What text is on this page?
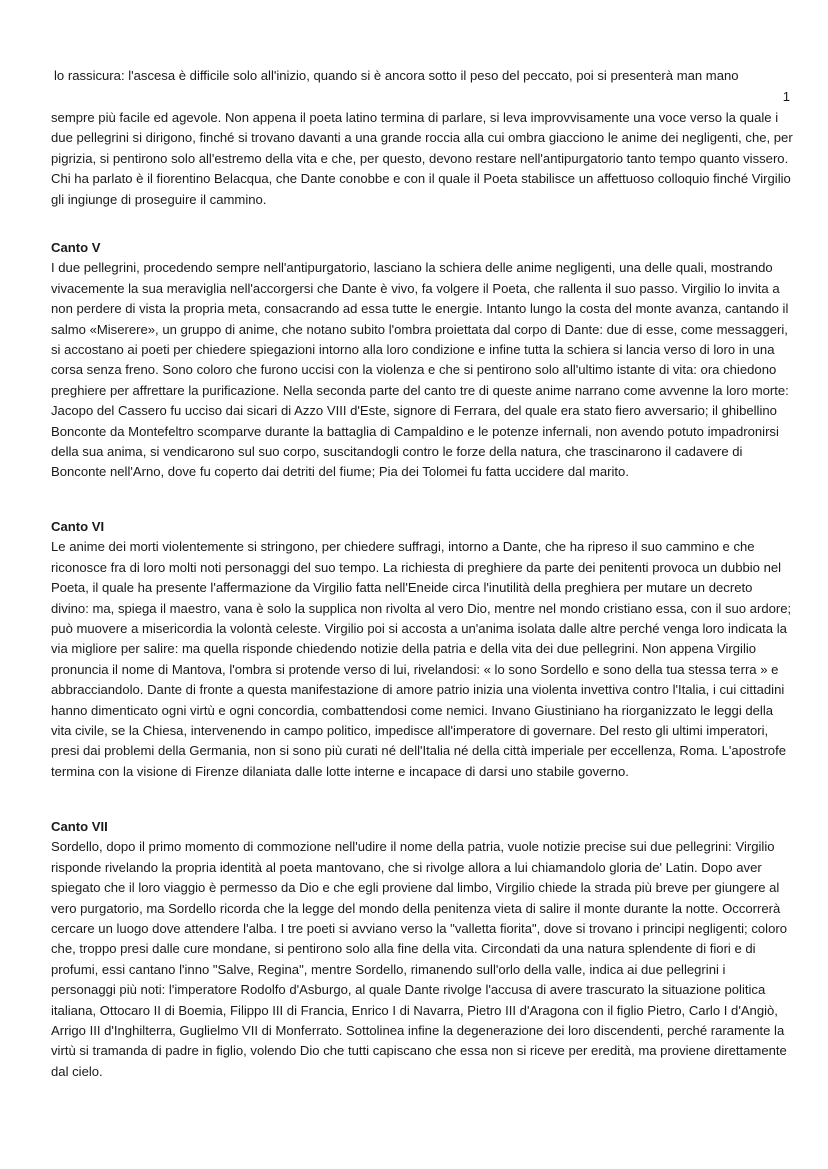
lo rassicura: l'ascesa è difficile solo all'inizio, quando si è ancora sotto il peso del peccato, poi si presenterà man mano

1

sempre più facile ed agevole. Non appena il poeta latino termina di parlare, si leva improvvisamente una voce verso la quale i due pellegrini si dirigono, finché si trovano davanti a una grande roccia alla cui ombra giacciono le anime dei negligenti, che, per pigrizia, si pentirono solo all'estremo della vita e che, per questo, devono restare nell'antipurgatorio tanto tempo quanto vissero. Chi ha parlato è il fiorentino Belacqua, che Dante conobbe e con il quale il Poeta stabilisce un affettuoso colloquio finché Virgilio gli ingiunge di proseguire il cammino.

Canto V

I due pellegrini, procedendo sempre nell'antipurgatorio, lasciano la schiera delle anime negligenti, una delle quali, mostrando vivacemente la sua meraviglia nell'accorgersi che Dante è vivo, fa volgere il Poeta, che rallenta il suo passo. Virgilio lo invita a non perdere di vista la propria meta, consacrando ad essa tutte le energie. Intanto lungo la costa del monte avanza, cantando il salmo «Miserere», un gruppo di anime, che notano subito l'ombra proiettata dal corpo di Dante: due di esse, come messaggeri, si accostano ai poeti per chiedere spiegazioni intorno alla loro condizione e infine tutta la schiera si lancia verso di loro in una corsa senza freno. Sono coloro che furono uccisi con la violenza e che si pentirono solo all'ultimo istante di vita: ora chiedono preghiere per affrettare la purificazione. Nella seconda parte del canto tre di queste anime narrano come avvenne la loro morte: Jacopo del Cassero fu ucciso dai sicari di Azzo VIII d'Este, signore di Ferrara, del quale era stato fiero avversario; il ghibellino Bonconte da Montefeltro scomparve durante la battaglia di Campaldino e le potenze infernali, non avendo potuto impadronirsi della sua anima, si vendicarono sul suo corpo, suscitandogli contro le forze della natura, che trascinarono il cadavere di Bonconte nell'Arno, dove fu coperto dai detriti del fiume; Pia dei Tolomei fu fatta uccidere dal marito.

Canto VI

Le anime dei morti violentemente si stringono, per chiedere suffragi, intorno a Dante, che ha ripreso il suo cammino e che riconosce fra di loro molti noti personaggi del suo tempo. La richiesta di preghiere da parte dei penitenti provoca un dubbio nel Poeta, il quale ha presente l'affermazione da Virgilio fatta nell'Eneide circa l'inutilità della preghiera per mutare un decreto divino: ma, spiega il maestro, vana è solo la supplica non rivolta al vero Dio, mentre nel mondo cristiano essa, con il suo ardore; può muovere a misericordia la volontà celeste. Virgilio poi si accosta a un'anima isolata dalle altre perché venga loro indicata la via migliore per salire: ma quella risponde chiedendo notizie della patria e della vita dei due pellegrini. Non appena Virgilio pronuncia il nome di Mantova, l'ombra si protende verso di lui, rivelandosi: « lo sono Sordello e sono della tua stessa terra » e abbracciandolo. Dante di fronte a questa manifestazione di amore patrio inizia una violenta invettiva contro l'Italia, i cui cittadini hanno dimenticato ogni virtù e ogni concordia, combattendosi come nemici. Invano Giustiniano ha riorganizzato le leggi della vita civile, se la Chiesa, intervenendo in campo politico, impedisce all'imperatore di governare. Del resto gli ultimi imperatori, presi dai problemi della Germania, non si sono più curati né dell'Italia né della città imperiale per eccellenza, Roma. L'apostrofe termina con la visione di Firenze dilaniata dalle lotte interne e incapace di darsi uno stabile governo.

Canto VII

Sordello, dopo il primo momento di commozione nell'udire il nome della patria, vuole notizie precise sui due pellegrini: Virgilio risponde rivelando la propria identità al poeta mantovano, che si rivolge allora a lui chiamandolo gloria de' Latin. Dopo aver spiegato che il loro viaggio è permesso da Dio e che egli proviene dal limbo, Virgilio chiede la strada più breve per giungere al vero purgatorio, ma Sordello ricorda che la legge del mondo della penitenza vieta di salire il monte durante la notte. Occorrerà cercare un luogo dove attendere l'alba. I tre poeti si avviano verso la "valletta fiorita", dove si trovano i principi negligenti; coloro che, troppo presi dalle cure mondane, si pentirono solo alla fine della vita. Circondati da una natura splendente di fiori e di profumi, essi cantano l'inno "Salve, Regina", mentre Sordello, rimanendo sull'orlo della valle, indica ai due pellegrini i personaggi più noti: l'imperatore Rodolfo d'Asburgo, al quale Dante rivolge l'accusa di avere trascurato la situazione politica italiana, Ottocaro II di Boemia, Filippo III di Francia, Enrico I di Navarra, Pietro III d'Aragona con il figlio Pietro, Carlo I d'Angiò, Arrigo III d'Inghilterra, Guglielmo VII di Monferrato. Sottolinea infine la degenerazione dei loro discendenti, perché raramente la virtù si tramanda di padre in figlio, volendo Dio che tutti capiscano che essa non si riceve per eredità, ma proviene direttamente dal cielo.
